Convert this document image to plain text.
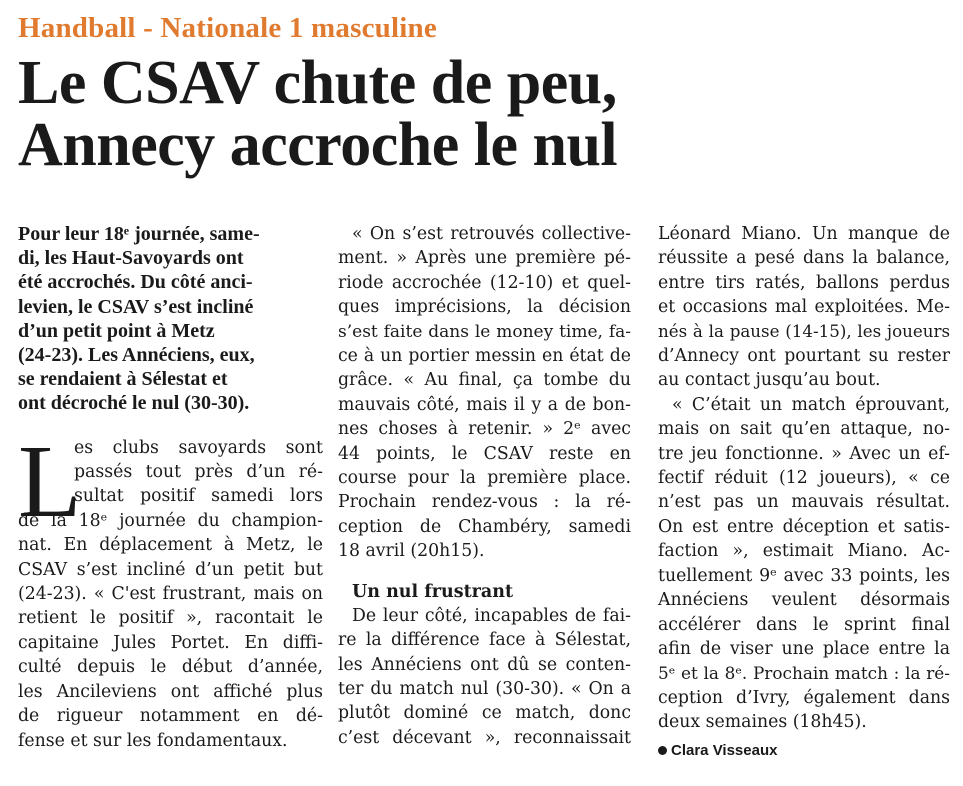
Handball - Nationale 1 masculine
Le CSAV chute de peu,
Annecy accroche le nul

Pour leur 18ᵉ journée, same-
di, les Haut-Savoyards ont
été accrochés. Du côté anci-
levien, le CSAV s’est incliné
d’un petit point à Metz
(24-23). Les Annéciens, eux,
se rendaient à Sélestat et
ont décroché le nul (30-30).

L
es clubs savoyards sont
passés tout près d’un ré-
sultat positif samedi lors
de la 18ᵉ journée du champion-
nat. En déplacement à Metz, le
CSAV s’est incliné d’un petit but
(24-23). « C'est frustrant, mais on
retient le positif », racontait le
capitaine Jules Portet. En diffi-
culté depuis le début d’année,
les Ancileviens ont affiché plus
de rigueur notamment en dé-
fense et sur les fondamentaux.

« On s’est retrouvés collective-
ment. » Après une première pé-
riode accrochée (12-10) et quel-
ques imprécisions, la décision
s’est faite dans le money time, fa-
ce à un portier messin en état de
grâce. « Au final, ça tombe du
mauvais côté, mais il y a de bon-
nes choses à retenir. » 2ᵉ avec
44 points, le CSAV reste en
course pour la première place.
Prochain rendez-vous : la ré-
ception de Chambéry, samedi
18 avril (20h15).

Un nul frustrant

De leur côté, incapables de fai-
re la différence face à Sélestat,
les Annéciens ont dû se conten-
ter du match nul (30-30). « On a
plutôt dominé ce match, donc
c’est décevant », reconnaissait

Léonard Miano. Un manque de
réussite a pesé dans la balance,
entre tirs ratés, ballons perdus
et occasions mal exploitées. Me-
nés à la pause (14-15), les joueurs
d’Annecy ont pourtant su rester
au contact jusqu’au bout.

« C’était un match éprouvant,
mais on sait qu’en attaque, no-
tre jeu fonctionne. » Avec un ef-
fectif réduit (12 joueurs), « ce
n’est pas un mauvais résultat.
On est entre déception et satis-
faction », estimait Miano. Ac-
tuellement 9ᵉ avec 33 points, les
Annéciens veulent désormais
accélérer dans le sprint final
afin de viser une place entre la
5ᵉ et la 8ᵉ. Prochain match : la ré-
ception d’Ivry, également dans
deux semaines (18h45).

Clara Visseaux
